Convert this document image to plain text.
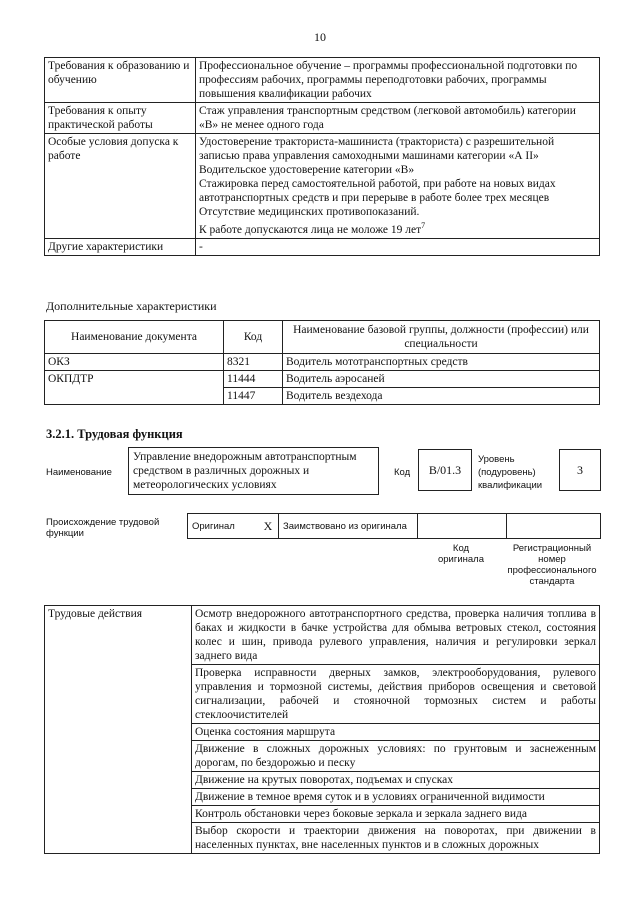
10
Требования к образованию и обучению	Профессиональное обучение – программы профессиональной подготовки по профессиям рабочих, программы переподготовки рабочих, программы повышения квалификации рабочих
Требования к опыту практической работы	Стаж управления транспортным средством (легковой автомобиль) категории «В» не менее одного года
Особые условия допуска к работе	Удостоверение тракториста-машиниста (тракториста) с разрешительной записью права управления самоходными машинами категории «А II»
Водительское удостоверение категории «В»
Стажировка перед самостоятельной работой, при работе на новых видах автотранспортных средств и при перерыве в работе более трех месяцев
Отсутствие медицинских противопоказаний.
К работе допускаются лица не моложе 19 лет$^7$

Другие характеристики	-
Дополнительные характеристики
Наименование документа	Код	Наименование базовой группы, должности (профессии) или специальности
ОКЗ	8321	Водитель мототранспортных средств
ОКПДТР	11444	Водитель аэросаней
	11447	Водитель вездехода
3.2.1. Трудовая функция
Наименование
Управление внедорожным автотранспортным средством в различных дорожных и метеорологических условиях
Код	B/01.3
Уровень (подуровень) квалификации
3
Происхождение трудовой функции
Оригинал	Х	Заимствовано из оригинала		
Код оригинала
Регистрационный номер профессионального стандарта
Трудовые действия	Осмотр внедорожного автотранспортного средства, проверка наличия топлива в баках и жидкости в бачке устройства для обмыва ветровых стекол, состояния колес и шин, привода рулевого управления, наличия и регулировки зеркал заднего вида
Проверка исправности дверных замков, электрооборудования, рулевого управления и тормозной системы, действия приборов освещения и световой сигнализации, рабочей и стояночной тормозных систем и работы стеклоочистителей
Оценка состояния маршрута
Движение в сложных дорожных условиях: по грунтовым и заснеженным дорогам, по бездорожью и песку
Движение на крутых поворотах, подъемах и спусках
Движение в темное время суток и в условиях ограниченной видимости
Контроль обстановки через боковые зеркала и зеркала заднего вида
Выбор скорости и траектории движения на поворотах, при движении в населенных пунктах, вне населенных пунктов и в сложных дорожных
